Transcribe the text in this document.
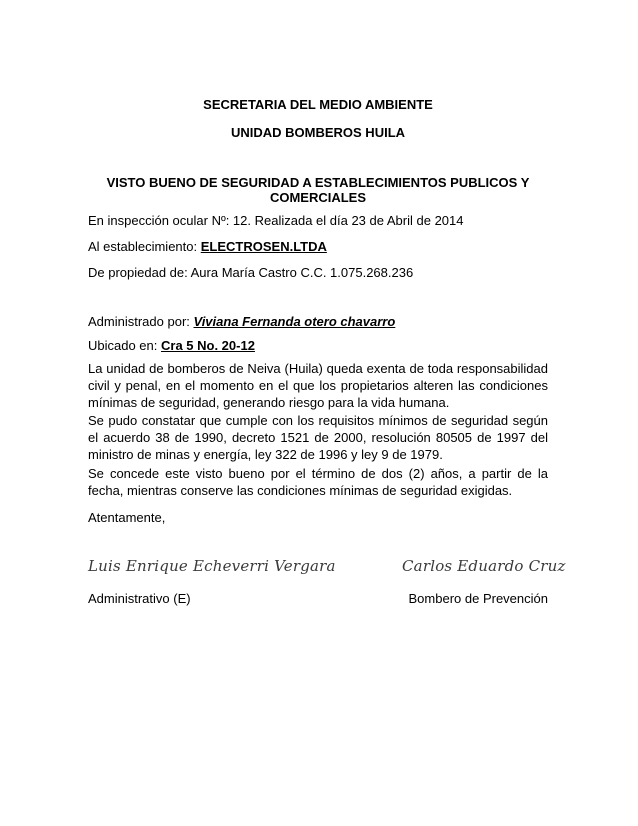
SECRETARIA DEL MEDIO AMBIENTE
UNIDAD BOMBEROS HUILA
VISTO BUENO DE SEGURIDAD A ESTABLECIMIENTOS PUBLICOS Y
COMERCIALES
En inspección ocular Nº: 12. Realizada el día 23 de Abril de 2014
Al establecimiento: ELECTROSEN.LTDA
De propiedad de: Aura María Castro C.C. 1.075.268.236
Administrado por: Viviana Fernanda otero chavarro
Ubicado en: Cra 5 No. 20-12
La unidad de bomberos de Neiva (Huila) queda exenta de toda responsabilidad civil y penal, en el momento en el que los propietarios alteren las condiciones mínimas de seguridad, generando riesgo para la vida humana.
Se pudo constatar que cumple con los requisitos mínimos de seguridad según el acuerdo 38 de 1990, decreto 1521 de 2000, resolución 80505 de 1997 del ministro de minas y energía, ley 322 de 1996 y ley 9 de 1979.
Se concede este visto bueno por el término de dos (2) años, a partir de la fecha, mientras conserve las condiciones mínimas de seguridad exigidas.
Atentamente,
Luis Enrique Echeverri Vergara	Carlos Eduardo Cruz
Administrativo (E)	Bombero de Prevención
